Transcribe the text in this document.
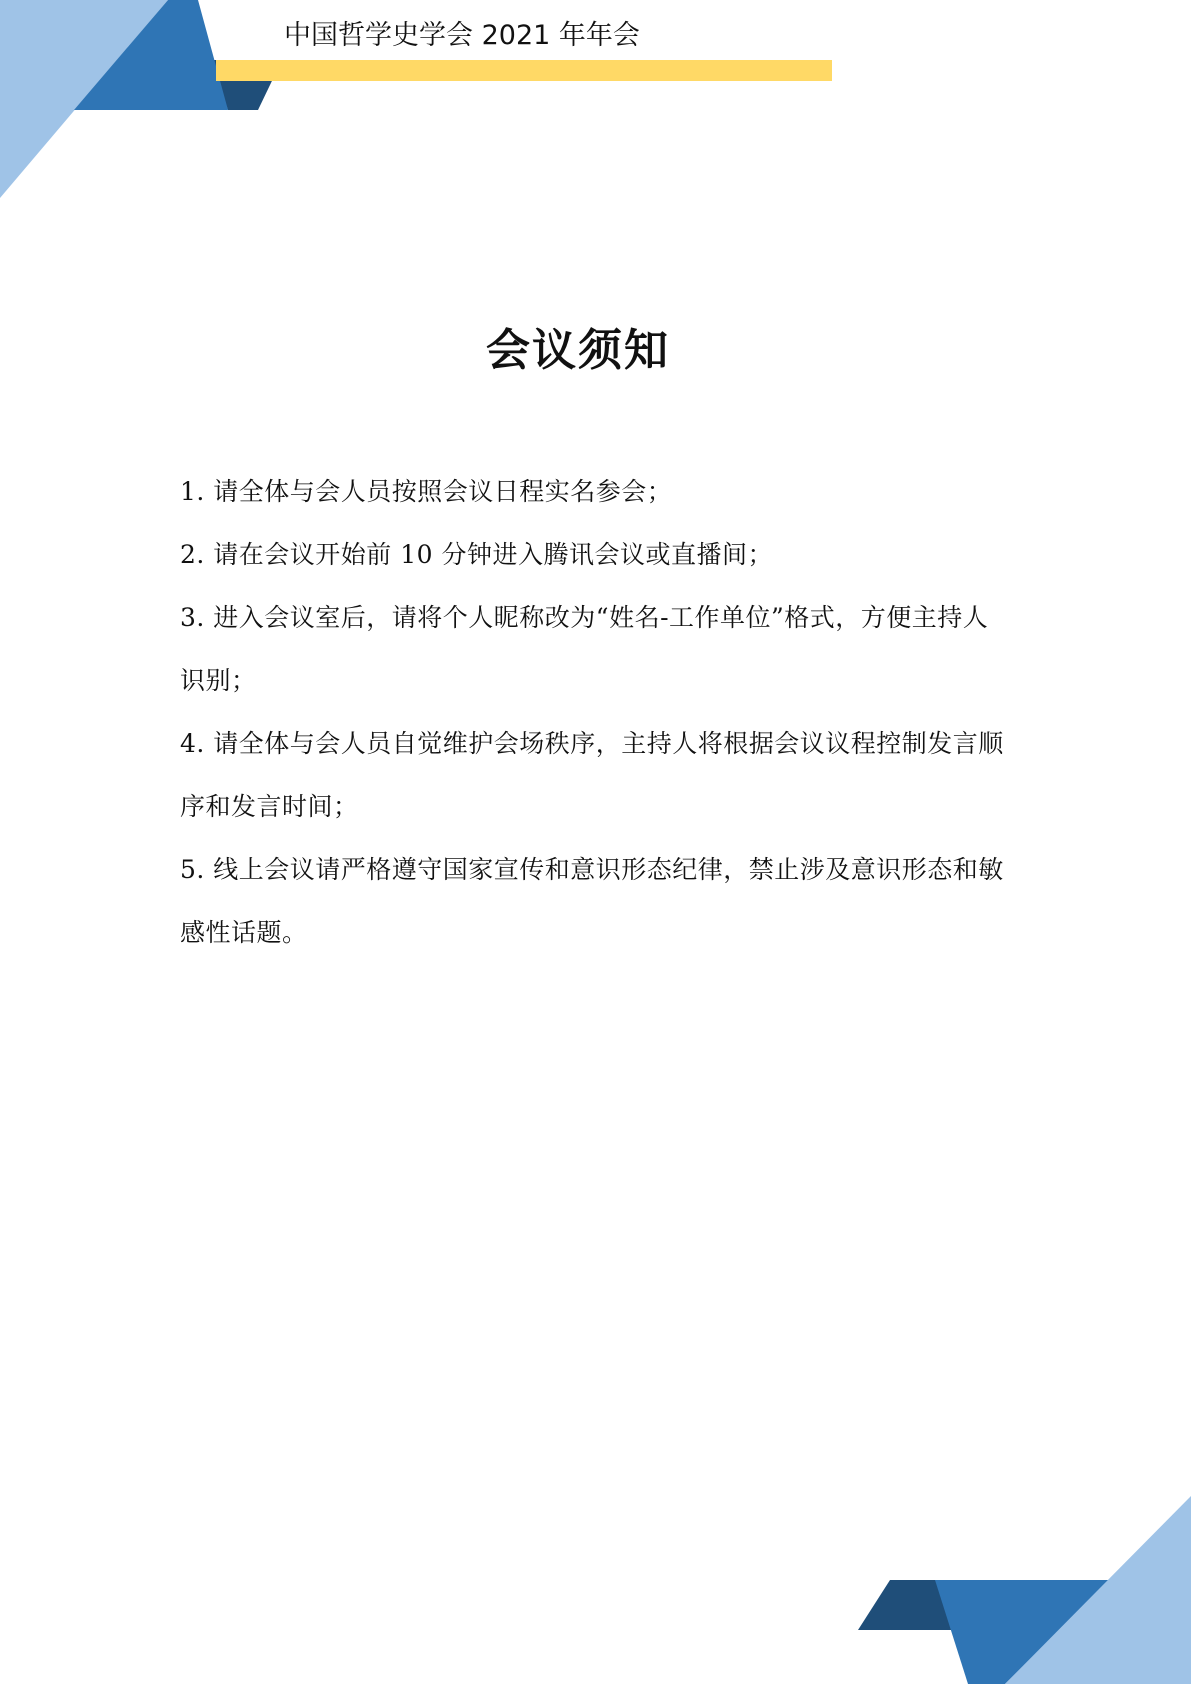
中国哲学史学会 2021 年年会
会议须知
1. 请全体与会人员按照会议日程实名参会；
2. 请在会议开始前 10 分钟进入腾讯会议或直播间；
3. 进入会议室后，请将个人昵称改为“姓名-工作单位”格式，方便主持人识别；
4. 请全体与会人员自觉维护会场秩序，主持人将根据会议议程控制发言顺序和发言时间；
5. 线上会议请严格遵守国家宣传和意识形态纪律，禁止涉及意识形态和敏感性话题。
